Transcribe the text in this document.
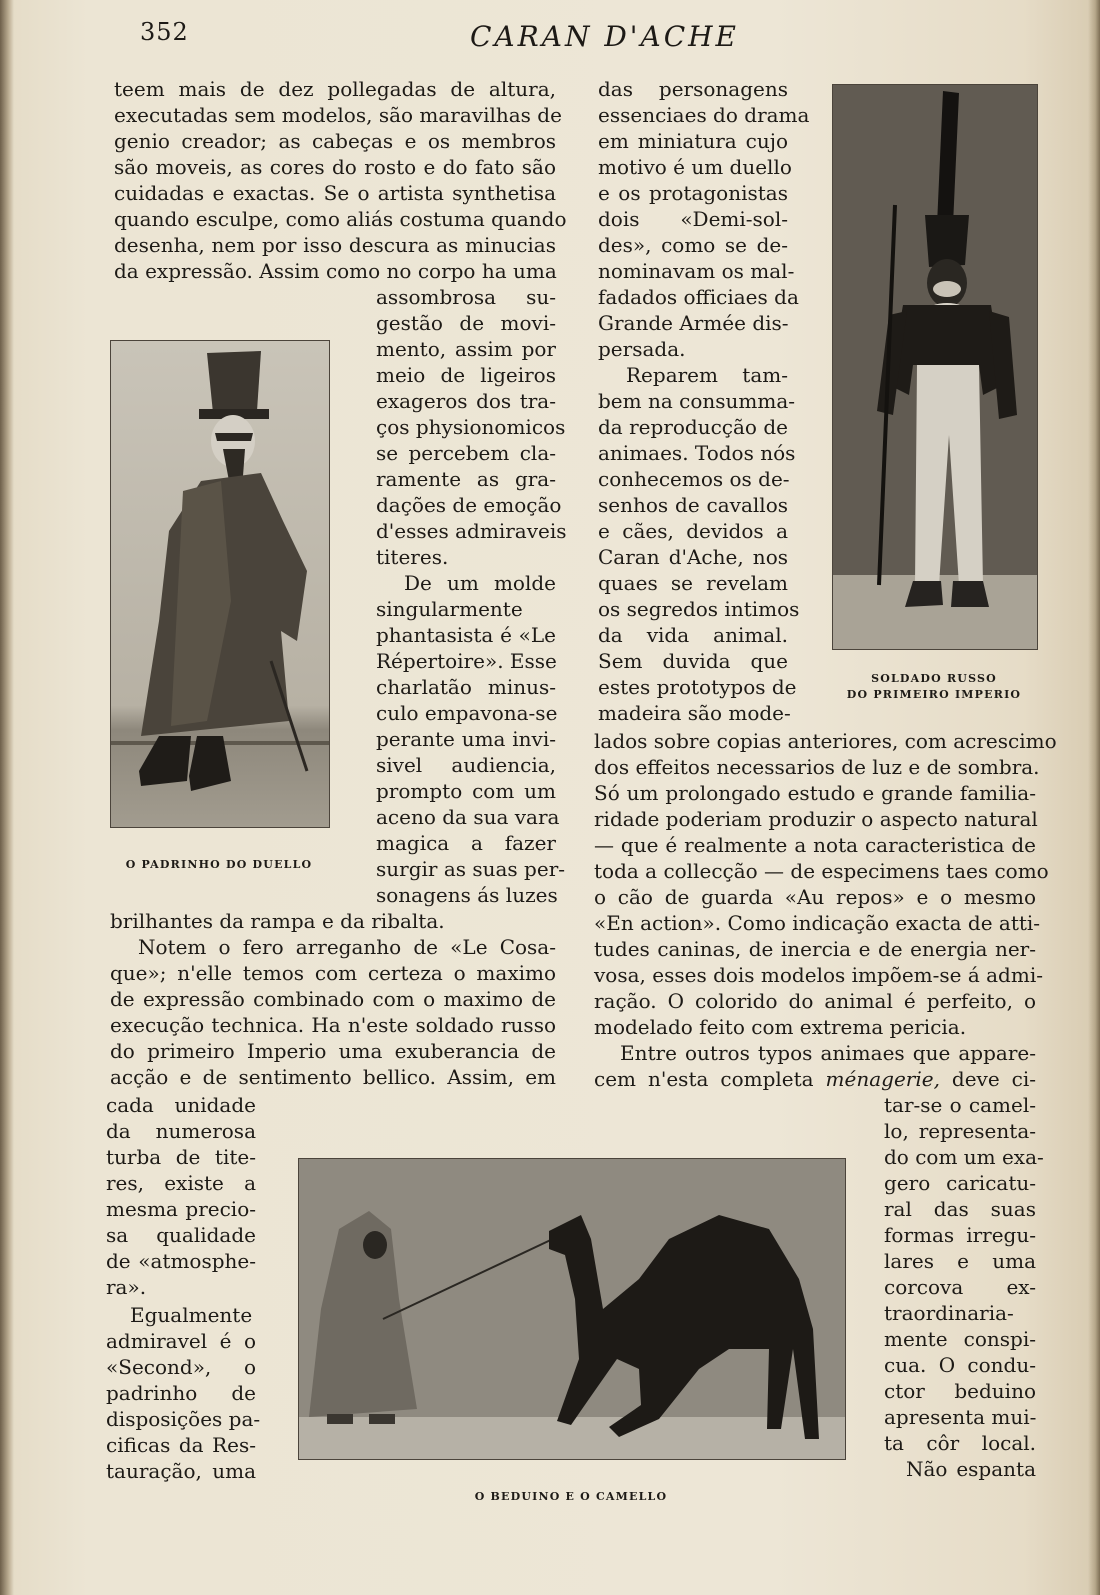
352	CARAN D'ACHE
O PADRINHO DO DUELLO
SOLDADO RUSSO
DO PRIMEIRO IMPERIO
O BEDUINO E O CAMELLO
teem mais de dez pollegadas de altura,
executadas sem modelos, são maravilhas de
genio creador; as cabeças e os membros
são moveis, as cores do rosto e do fato são
cuidadas e exactas. Se o artista synthetisa
quando esculpe, como aliás costuma quando
desenha, nem por isso descura as minucias
da expressão. Assim como no corpo ha uma
assombrosa su-
gestão de movi-
mento, assim por
meio de ligeiros
exageros dos tra-
ços physionomicos
se percebem cla-
ramente as gra-
dações de emoção
d'esses admiraveis
titeres.
De um molde
singularmente
phantasista é «Le
Répertoire». Esse
charlatão minus-
culo empavona-se
perante uma invi-
sivel audiencia,
prompto com um
aceno da sua vara
magica a fazer
surgir as suas per-
sonagens ás luzes
brilhantes da rampa e da ribalta.
Notem o fero arreganho de «Le Cosa-
que»; n'elle temos com certeza o maximo
de expressão combinado com o maximo de
execução technica. Ha n'este soldado russo
do primeiro Imperio uma exuberancia de
acção e de sentimento bellico. Assim, em
cada unidade
da numerosa
turba de tite-
res, existe a
mesma precio-
sa qualidade
de «atmosphe-
ra».
Egualmente
admiravel é o
«Second», o
padrinho de
disposições pa-
cificas da Res-
tauração, uma
das personagens
essenciaes do drama
em miniatura cujo
motivo é um duello
e os protagonistas
dois «Demi-sol-
des», como se de-
nominavam os mal-
fadados officiaes da
Grande Armée dis-
persada.
Reparem tam-
bem na consumma-
da reproducção de
animaes. Todos nós
conhecemos os de-
senhos de cavallos
e cães, devidos a
Caran d'Ache, nos
quaes se revelam
os segredos intimos
da vida animal.
Sem duvida que
estes prototypos de
madeira são mode-
lados sobre copias anteriores, com acrescimo
dos effeitos necessarios de luz e de sombra.
Só um prolongado estudo e grande familia-
ridade poderiam produzir o aspecto natural
— que é realmente a nota caracteristica de
toda a collecção — de especimens taes como
o cão de guarda «Au repos» e o mesmo
«En action». Como indicação exacta de atti-
tudes caninas, de inercia e de energia ner-
vosa, esses dois modelos impõem-se á admi-
ração. O colorido do animal é perfeito, o
modelado feito com extrema pericia.
Entre outros typos animaes que appare-
cem n'esta completa ménagerie, deve ci-
tar-se o camel-
lo, representa-
do com um exa-
gero caricatu-
ral das suas
formas irregu-
lares e uma
corcova ex-
traordinaria-
mente conspi-
cua. O condu-
ctor beduino
apresenta mui-
ta côr local.
Não espanta
